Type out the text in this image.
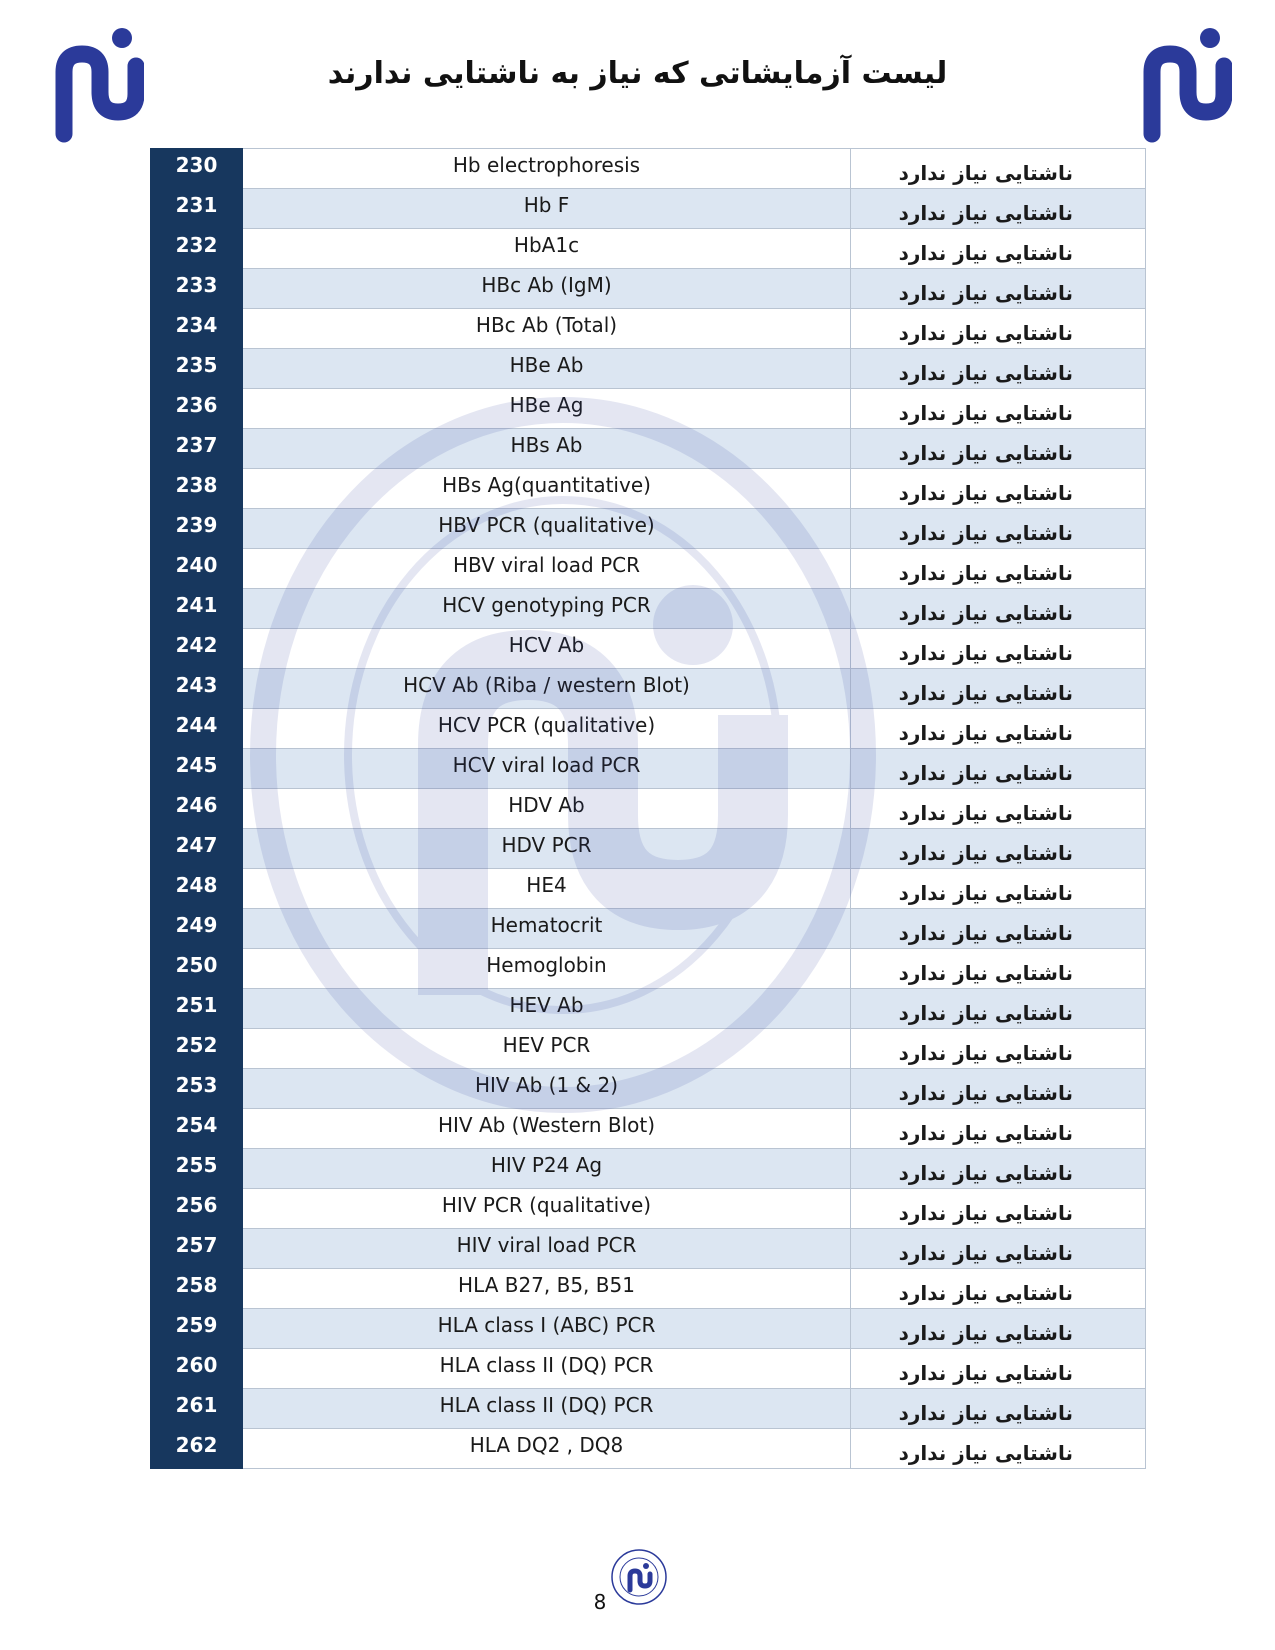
لیست آزمایشاتی که نیاز به ناشتایی ندارند
230	Hb electrophoresis	ناشتایی نیاز ندارد
231	Hb F	ناشتایی نیاز ندارد
232	HbA1c	ناشتایی نیاز ندارد
233	HBc Ab (IgM)	ناشتایی نیاز ندارد
234	HBc Ab (Total)	ناشتایی نیاز ندارد
235	HBe Ab	ناشتایی نیاز ندارد
236	HBe Ag	ناشتایی نیاز ندارد
237	HBs Ab	ناشتایی نیاز ندارد
238	HBs Ag(quantitative)	ناشتایی نیاز ندارد
239	HBV PCR (qualitative)	ناشتایی نیاز ندارد
240	HBV viral load PCR	ناشتایی نیاز ندارد
241	HCV genotyping PCR	ناشتایی نیاز ندارد
242	HCV Ab	ناشتایی نیاز ندارد
243	HCV Ab (Riba / western Blot)	ناشتایی نیاز ندارد
244	HCV PCR (qualitative)	ناشتایی نیاز ندارد
245	HCV viral load PCR	ناشتایی نیاز ندارد
246	HDV Ab	ناشتایی نیاز ندارد
247	HDV PCR	ناشتایی نیاز ندارد
248	HE4	ناشتایی نیاز ندارد
249	Hematocrit	ناشتایی نیاز ندارد
250	Hemoglobin	ناشتایی نیاز ندارد
251	HEV Ab	ناشتایی نیاز ندارد
252	HEV PCR	ناشتایی نیاز ندارد
253	HIV Ab (1 & 2)	ناشتایی نیاز ندارد
254	HIV Ab (Western Blot)	ناشتایی نیاز ندارد
255	HIV P24 Ag	ناشتایی نیاز ندارد
256	HIV PCR (qualitative)	ناشتایی نیاز ندارد
257	HIV viral load PCR	ناشتایی نیاز ندارد
258	HLA B27, B5, B51	ناشتایی نیاز ندارد
259	HLA class I (ABC) PCR	ناشتایی نیاز ندارد
260	HLA class II (DQ) PCR	ناشتایی نیاز ندارد
261	HLA class II (DQ) PCR	ناشتایی نیاز ندارد
262	HLA DQ2 , DQ8	ناشتایی نیاز ندارد
8
